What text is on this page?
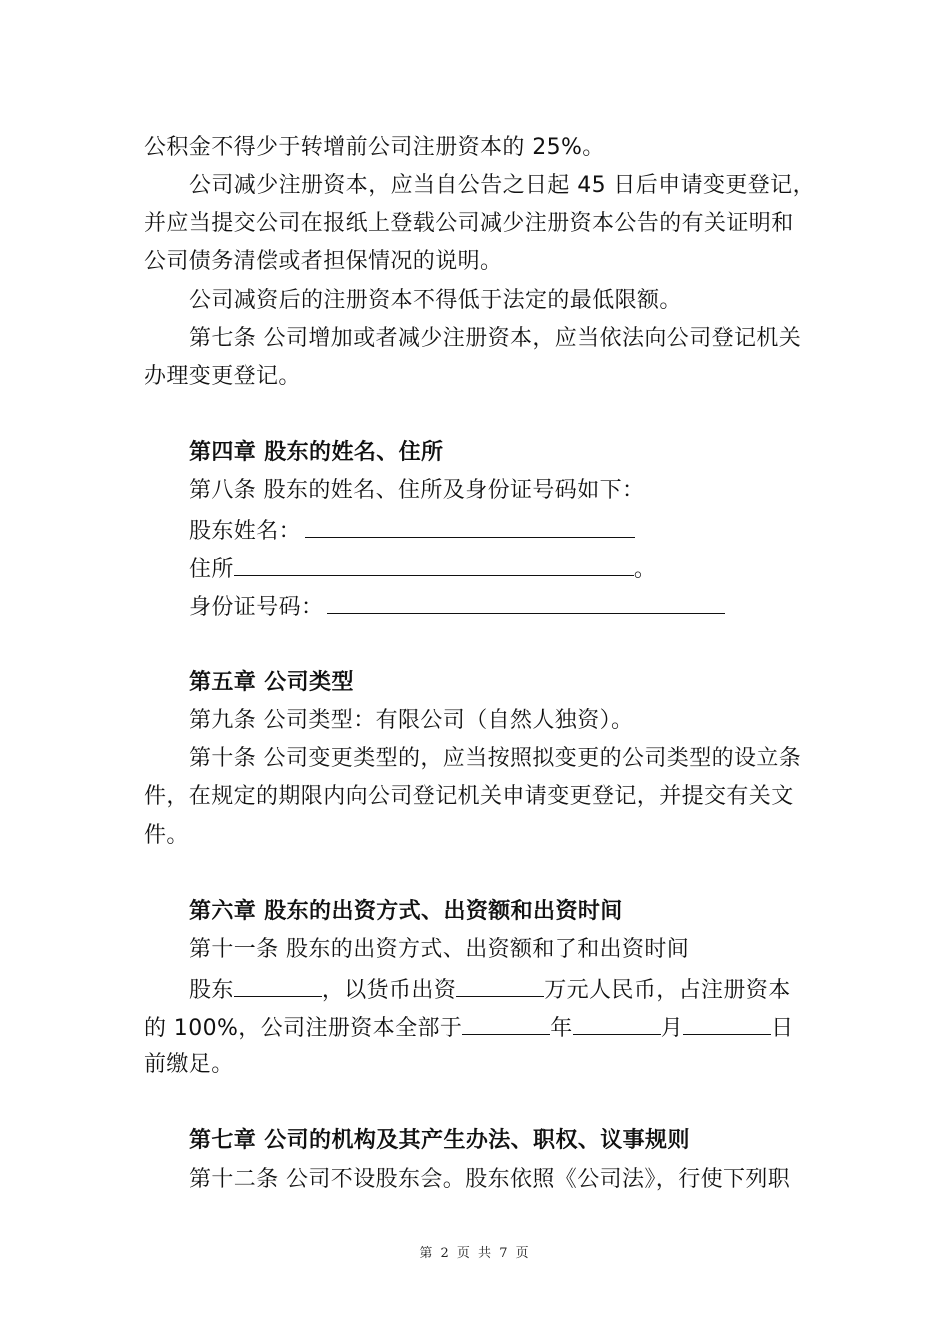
公积金不得少于转增前公司注册资本的 25%。
公司减少注册资本，应当自公告之日起 45 日后申请变更登记，
并应当提交公司在报纸上登载公司减少注册资本公告的有关证明和
公司债务清偿或者担保情况的说明。
公司减资后的注册资本不得低于法定的最低限额。
第七条 公司增加或者减少注册资本，应当依法向公司登记机关
办理变更登记。
第四章 股东的姓名、住所
第八条 股东的姓名、住所及身份证号码如下：
股东姓名：
住所	。
身份证号码：
第五章 公司类型
第九条 公司类型：有限公司（自然人独资）。
第十条 公司变更类型的，应当按照拟变更的公司类型的设立条
件，在规定的期限内向公司登记机关申请变更登记，并提交有关文
件。
第六章 股东的出资方式、出资额和出资时间
第十一条 股东的出资方式、出资额和了和出资时间
股东	，以货币出资	万元人民币，占注册资本
的 100%，公司注册资本全部于	年	月	日
前缴足。
第七章 公司的机构及其产生办法、职权、议事规则
第十二条 公司不设股东会。股东依照《公司法》，行使下列职
第 2 页 共 7 页
